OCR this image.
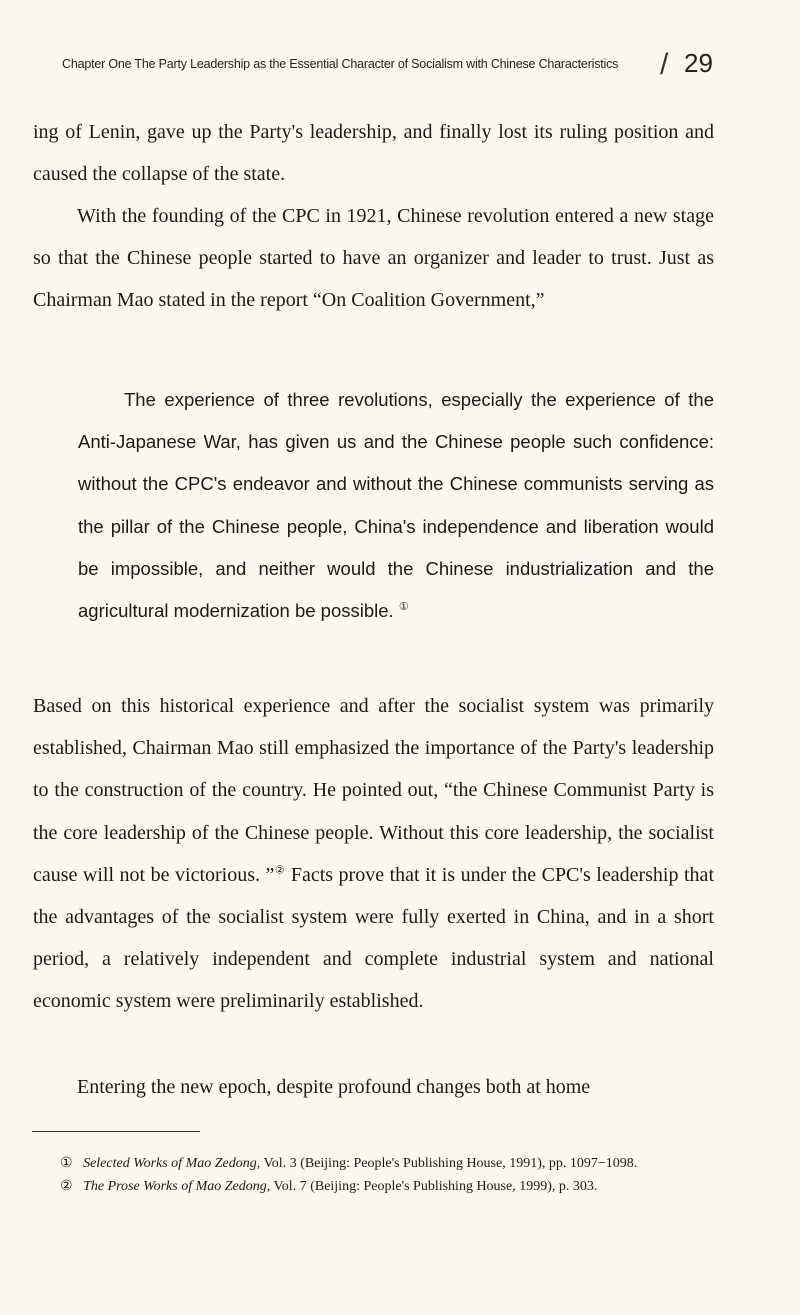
Chapter One The Party Leadership as the Essential Character of Socialism with Chinese Characteristics / 29

ing of Lenin, gave up the Party's leadership, and finally lost its ruling position and caused the collapse of the state.

With the founding of the CPC in 1921, Chinese revolution entered a new stage so that the Chinese people started to have an organizer and leader to trust. Just as Chairman Mao stated in the report “On Coalition Government,”

The experience of three revolutions, especially the experience of the Anti-Japanese War, has given us and the Chinese people such confidence: without the CPC's endeavor and without the Chinese communists serving as the pillar of the Chinese people, China's independence and liberation would be impossible, and neither would the Chinese industrialization and the agricultural modernization be possible. ①

Based on this historical experience and after the socialist system was primarily established, Chairman Mao still emphasized the importance of the Party's leadership to the construction of the country. He pointed out, “the Chinese Communist Party is the core leadership of the Chinese people. Without this core leadership, the socialist cause will not be victorious. ”② Facts prove that it is under the CPC's leadership that the advantages of the socialist system were fully exerted in China, and in a short period, a relatively independent and complete industrial system and national economic system were preliminarily established.

Entering the new epoch, despite profound changes both at home

① Selected Works of Mao Zedong, Vol. 3 (Beijing: People's Publishing House, 1991), pp. 1097−1098.

② The Prose Works of Mao Zedong, Vol. 7 (Beijing: People's Publishing House, 1999), p. 303.
